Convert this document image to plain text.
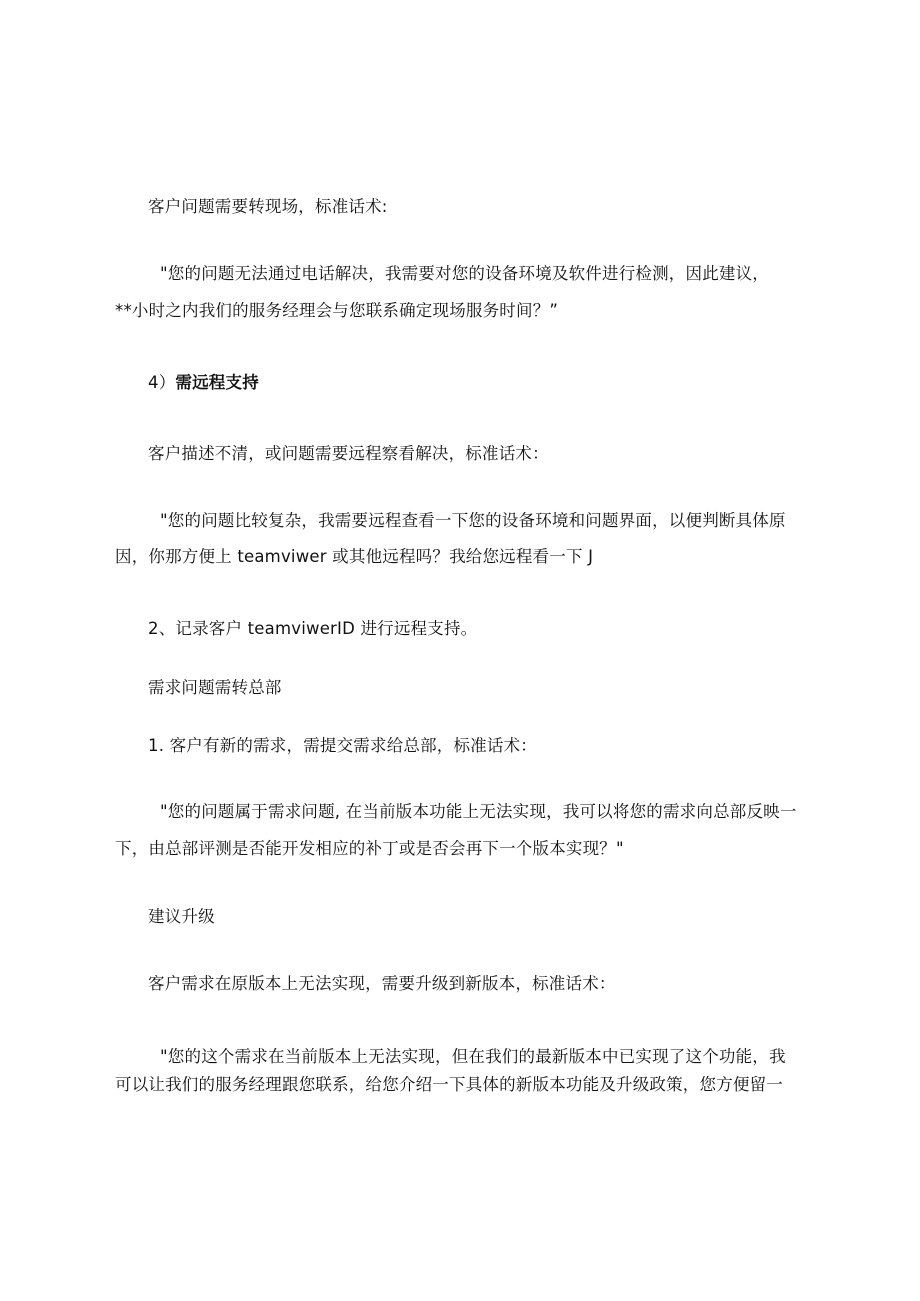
客户问题需要转现场，标准话术:
"您的问题无法通过电话解决，我需要对您的设备环境及软件进行检测，因此建议，
**小时之内我们的服务经理会与您联系确定现场服务时间？”
4）需远程支持
客户描述不清，或问题需要远程察看解决，标准话术：
"您的问题比较复杂，我需要远程查看一下您的设备环境和问题界面，以便判断具体原
因，你那方便上 teamviwer 或其他远程吗？我给您远程看一下 J
2、记录客户 teamviwerID 进行远程支持。
需求问题需转总部
1. 客户有新的需求，需提交需求给总部，标准话术：
"您的问题属于需求问题, 在当前版本功能上无法实现，我可以将您的需求向总部反映一
下，由总部评测是否能开发相应的补丁或是否会再下一个版本实现？"
建议升级
客户需求在原版本上无法实现，需要升级到新版本，标准话术：
"您的这个需求在当前版本上无法实现，但在我们的最新版本中已实现了这个功能，我
可以让我们的服务经理跟您联系，给您介绍一下具体的新版本功能及升级政策，您方便留一
